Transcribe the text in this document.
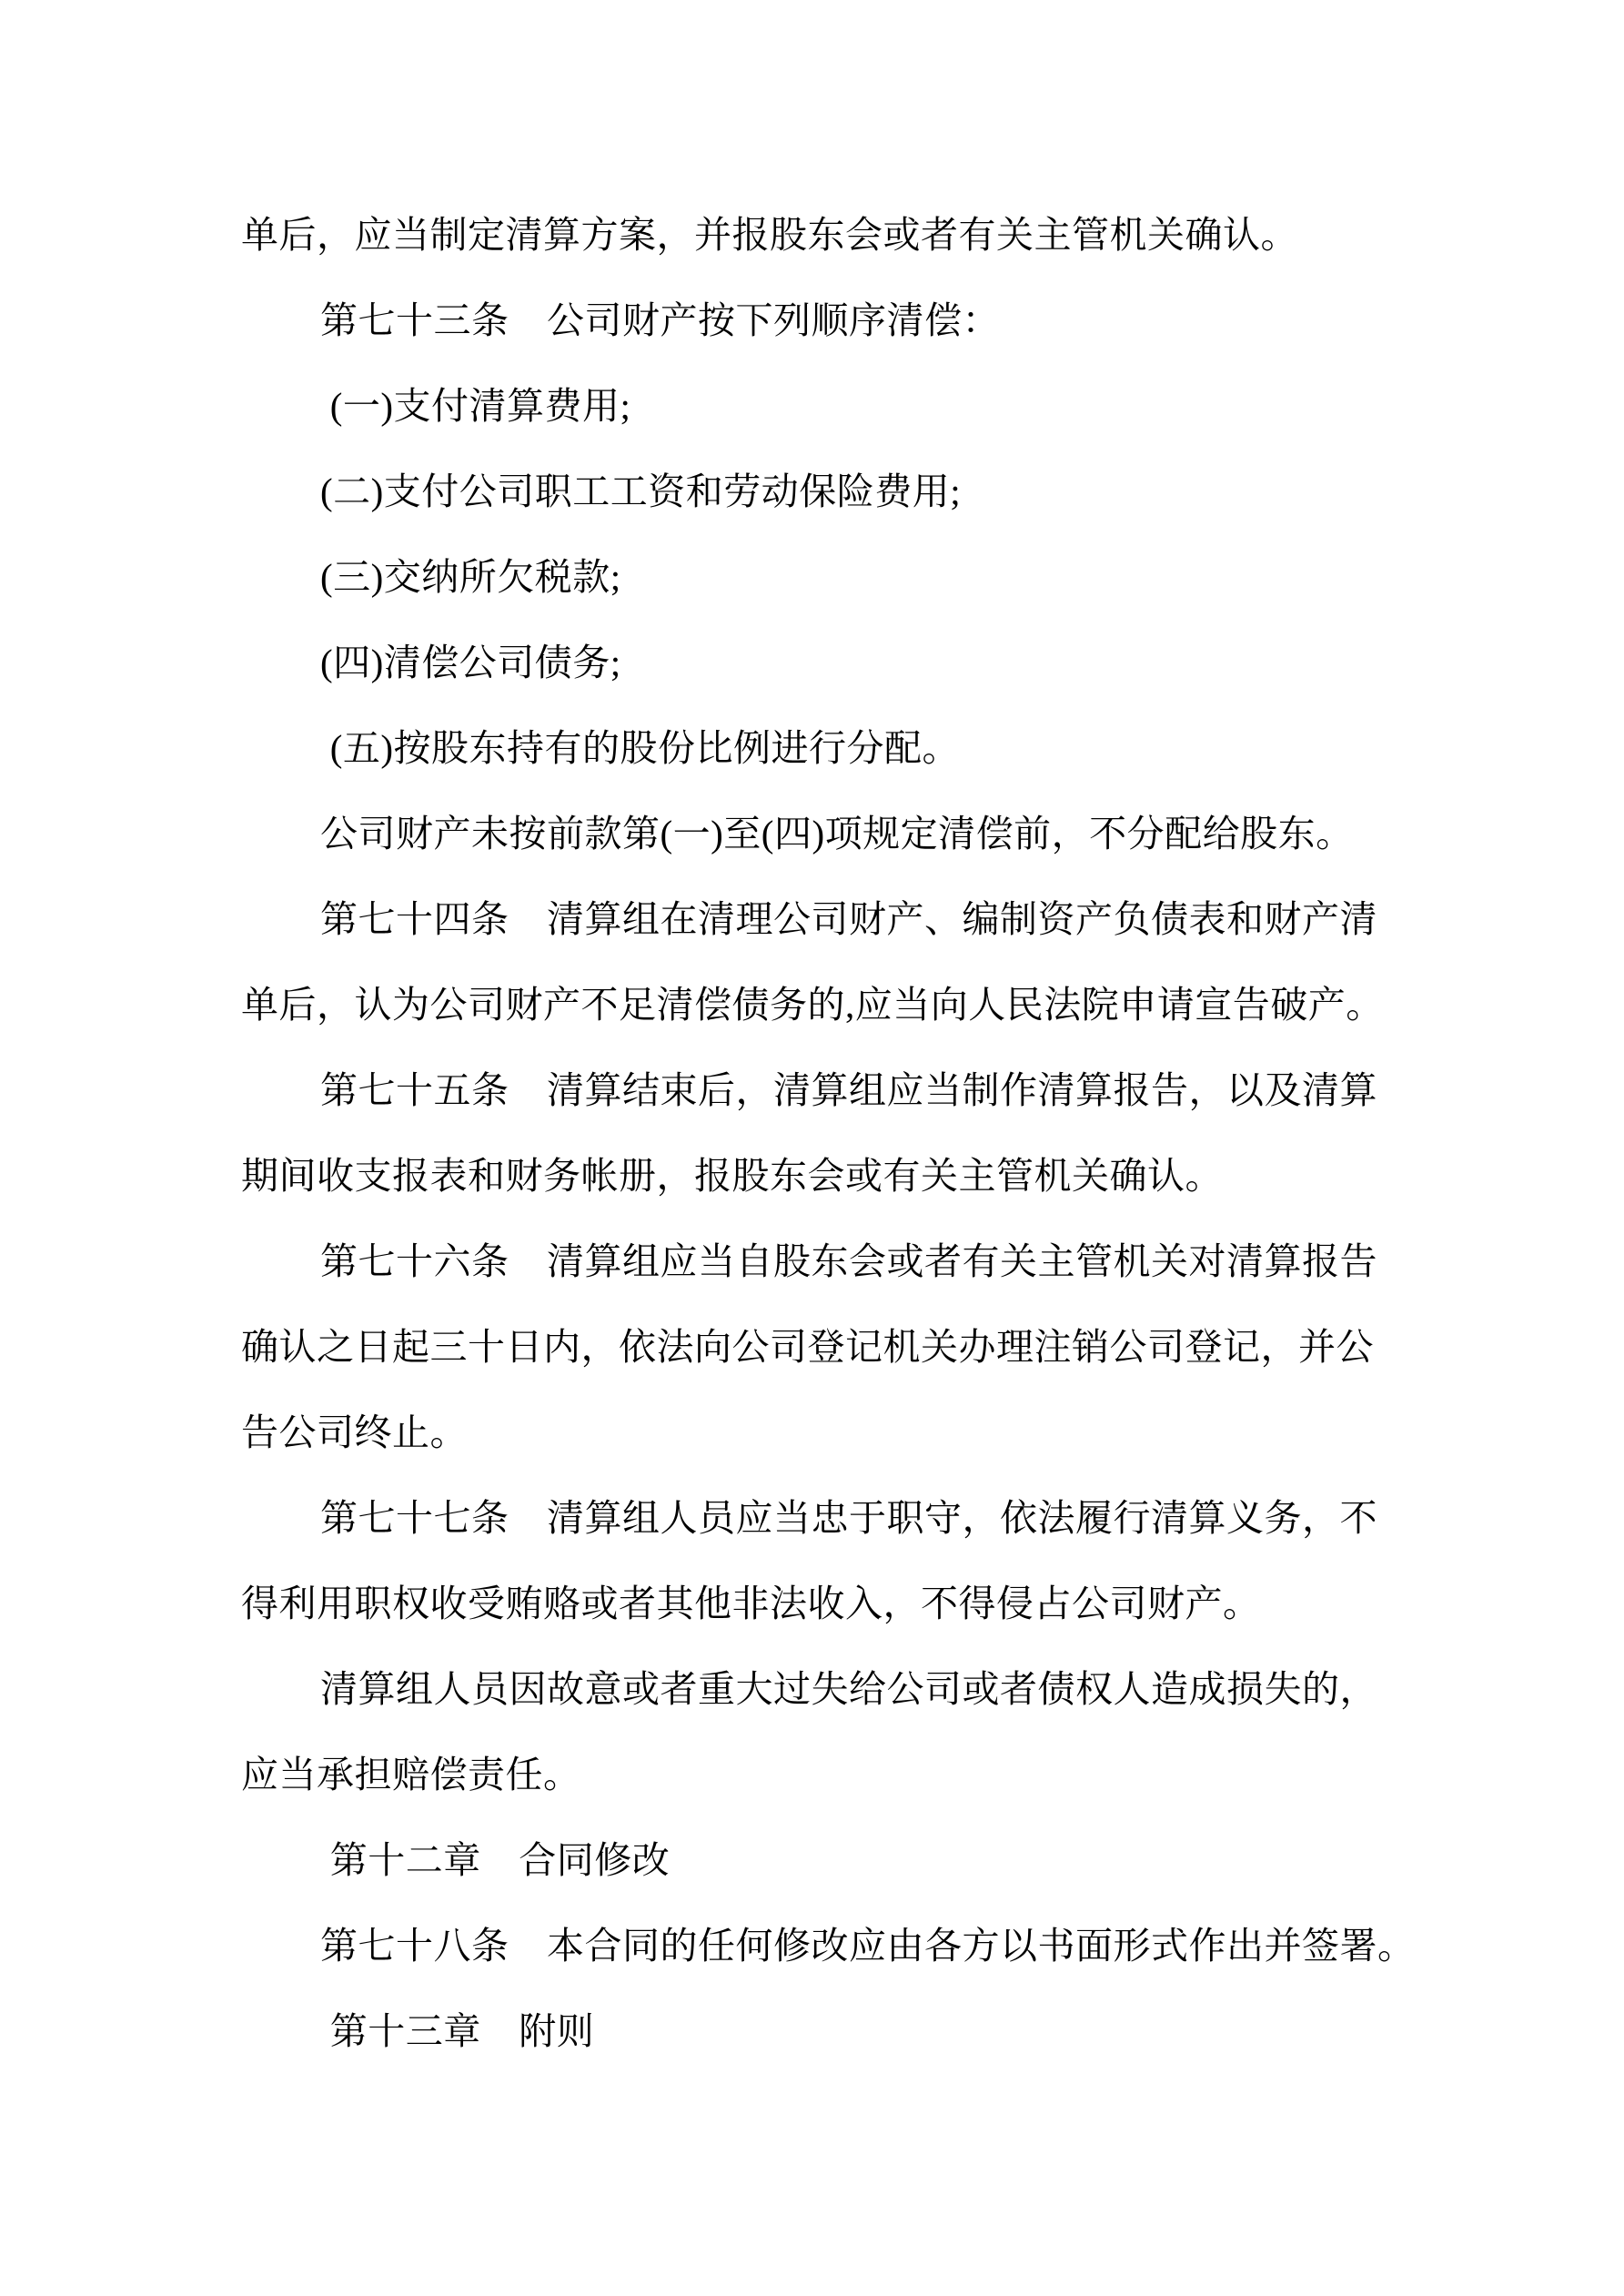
单后，应当制定清算方案，并报股东会或者有关主管机关确认。

第七十三条　公司财产按下列顺序清偿：

(一)支付清算费用;

(二)支付公司职工工资和劳动保险费用;

(三)交纳所欠税款;

(四)清偿公司债务;

(五)按股东持有的股份比例进行分配。

公司财产未按前款第(一)至(四)项规定清偿前，不分配给股东。

第七十四条　清算组在清理公司财产、编制资产负债表和财产清

单后，认为公司财产不足清偿债务的,应当向人民法院申请宣告破产。

第七十五条　清算结束后，清算组应当制作清算报告，以及清算

期间收支报表和财务帐册，报股东会或有关主管机关确认。

第七十六条　清算组应当自股东会或者有关主管机关对清算报告

确认之日起三十日内，依法向公司登记机关办理注销公司登记，并公

告公司终止。

第七十七条　清算组人员应当忠于职守，依法履行清算义务，不

得利用职权收受贿赂或者其他非法收入，不得侵占公司财产。

清算组人员因故意或者重大过失给公司或者债权人造成损失的，

应当承担赔偿责任。

第十二章　合同修改

第七十八条　本合同的任何修改应由各方以书面形式作出并签署。

第十三章　附则
